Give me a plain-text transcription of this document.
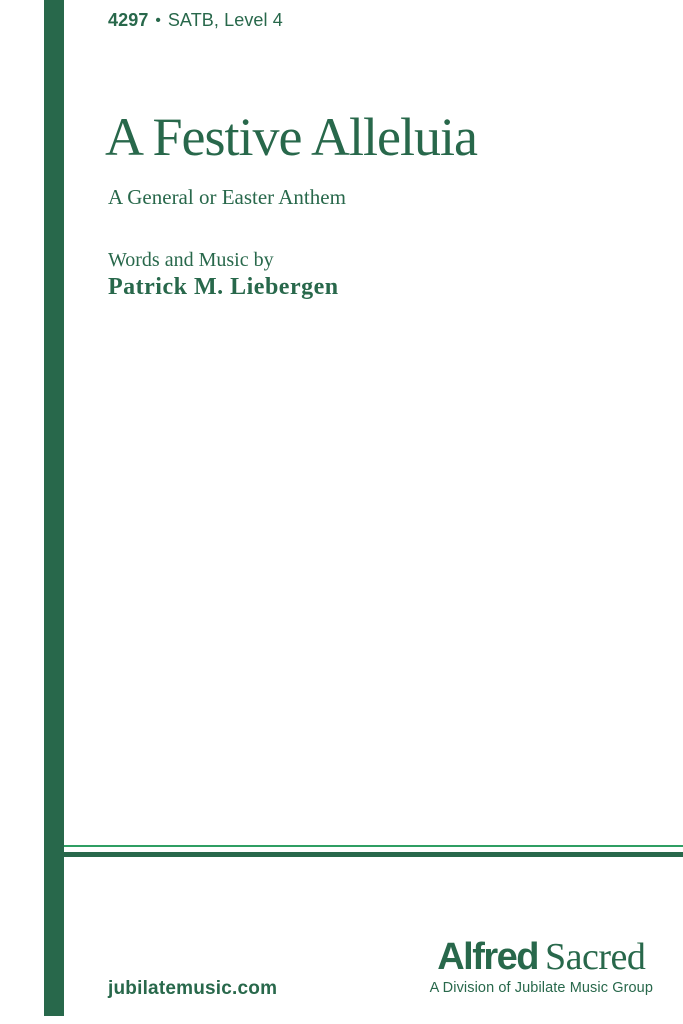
4297 • SATB, Level 4
A Festive Alleluia
A General or Easter Anthem
Words and Music by
Patrick M. Liebergen
jubilatemusic.com
Alfred Sacred
A Division of Jubilate Music Group
